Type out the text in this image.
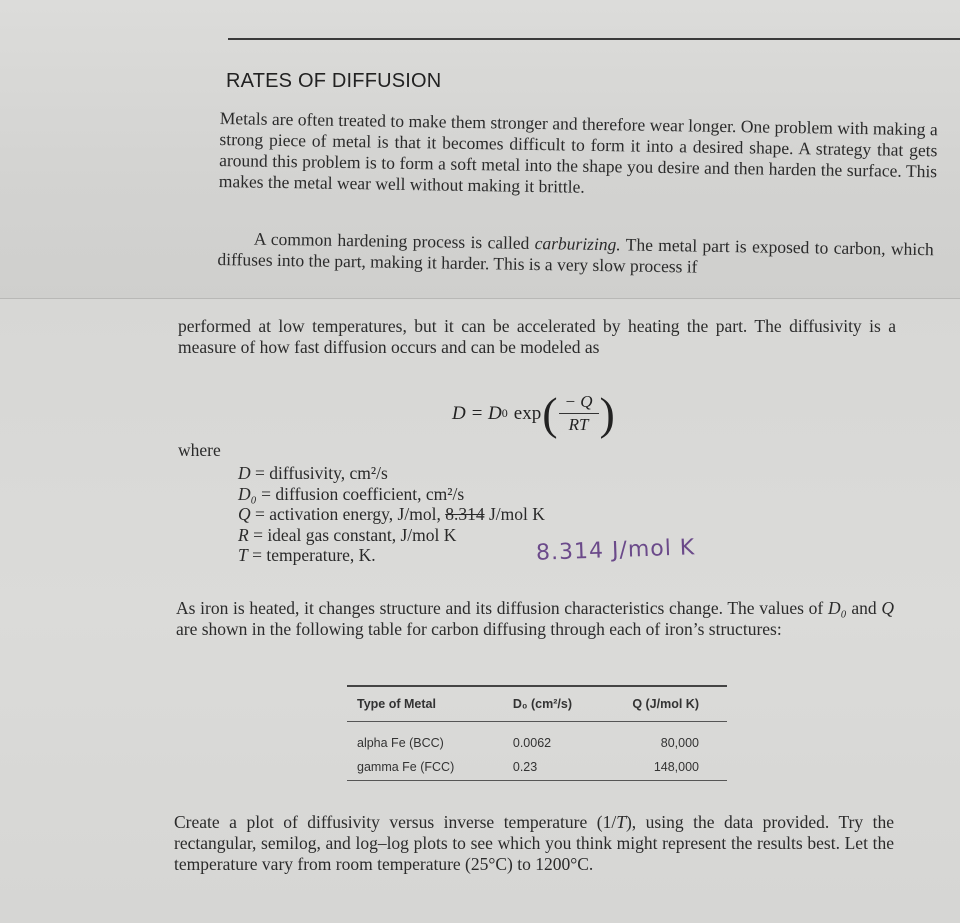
RATES OF DIFFUSION

Metals are often treated to make them stronger and therefore wear longer. One problem with making a strong piece of metal is that it becomes difficult to form it into a desired shape. A strategy that gets around this problem is to form a soft metal into the shape you desire and then harden the surface. This makes the metal wear well without making it brittle.

A common hardening process is called carburizing. The metal part is exposed to carbon, which diffuses into the part, making it harder. This is a very slow process if

performed at low temperatures, but it can be accelerated by heating the part. The diffusivity is a measure of how fast diffusion occurs and can be modeled as

D = D 0 exp ( $\frac{- Q}{RT}$ )
where
D = diffusivity, cm²/s
D₀ = diffusion coefficient, cm²/s
Q = activation energy, J/mol, 8.314 J/mol K
R = ideal gas constant, J/mol K
T = temperature, K.	8.314 J/mol K

As iron is heated, it changes structure and its diffusion characteristics change. The values of D₀ and Q are shown in the following table for carbon diffusing through each of iron’s structures:

Type of Metal	D₀ (cm²/s)	Q (J/mol K)
alpha Fe (BCC)	0.0062	80,000
gamma Fe (FCC)	0.23	148,000

Create a plot of diffusivity versus inverse temperature (1/T), using the data provided. Try the rectangular, semilog, and log–log plots to see which you think might represent the results best. Let the temperature vary from room temperature (25°C) to 1200°C.
